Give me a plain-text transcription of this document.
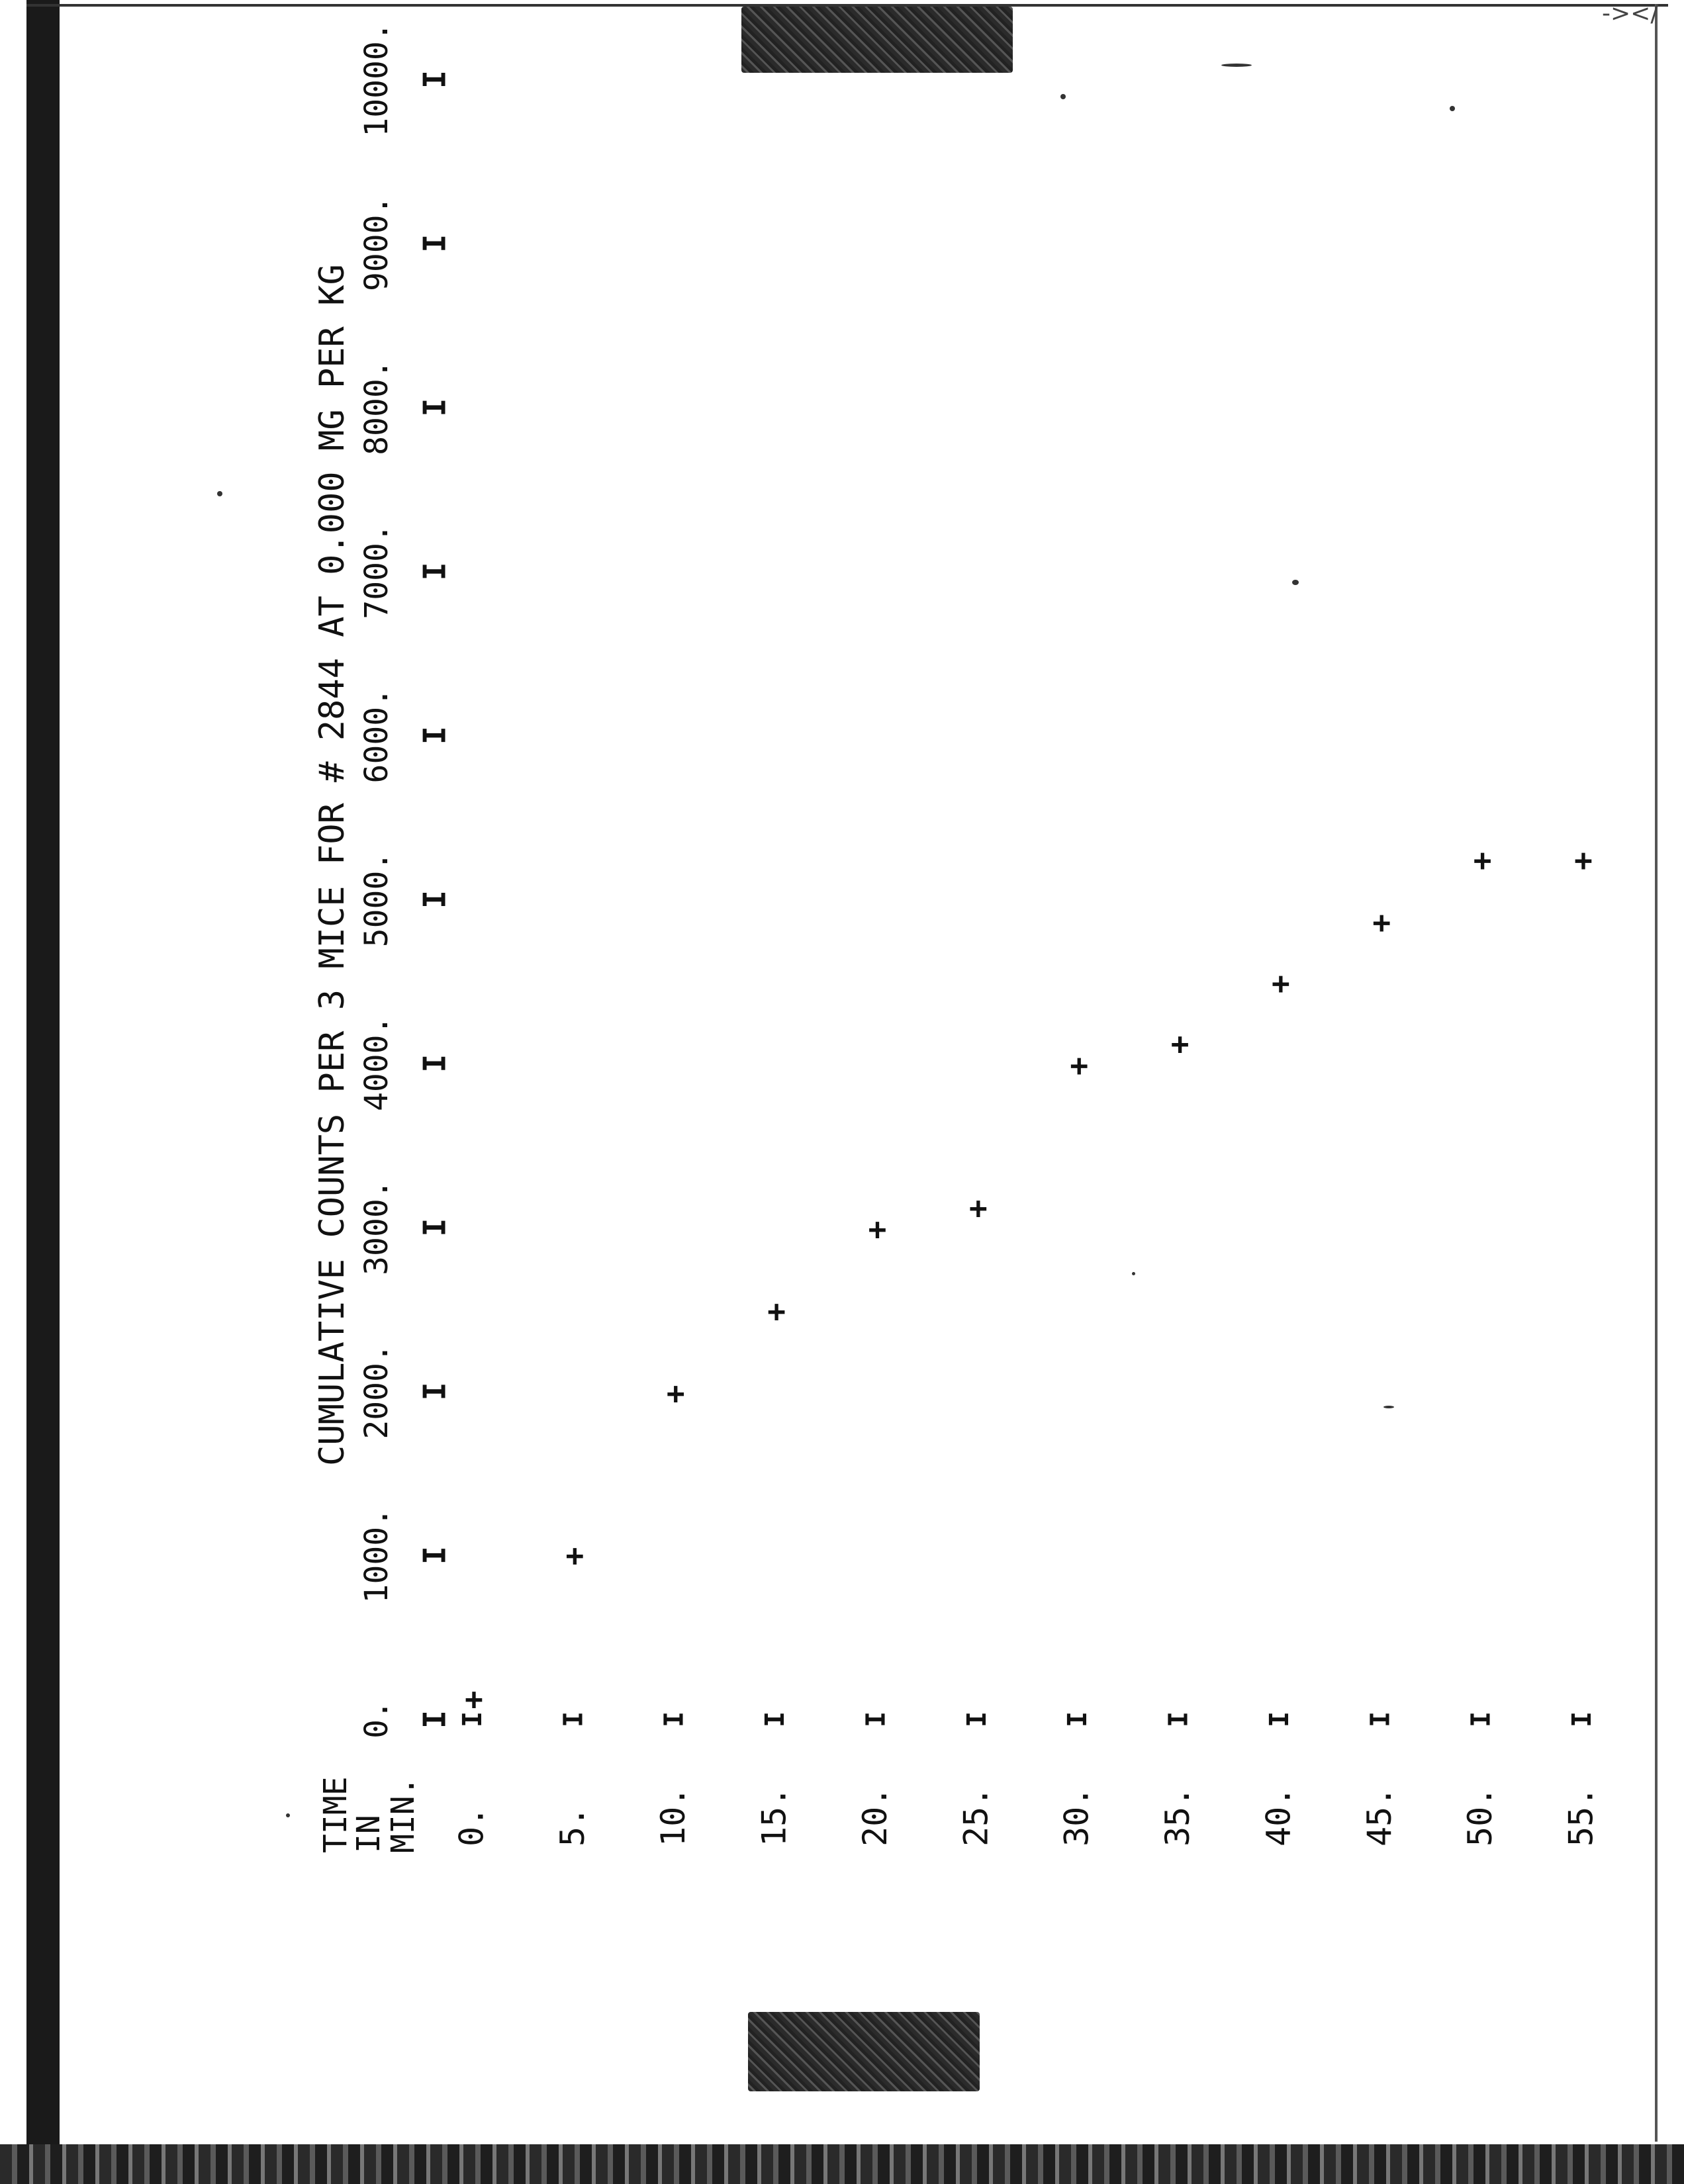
-></
CUMULATIVE COUNTS PER 3 MICE FOR # 2844 AT 0.000 MG PER KG
TIME
IN
MIN.
0. I
1000. I
2000. I
3000. I
4000. I
5000. I
6000. I
7000. I
8000. I
9000. I
10000. I
0.
I
5.
I
10.
I
15.
I
20.
I
25.
I
30.
I
35.
I
40.
I
45.
I
50.
I
55.
I
+
+
+
+
+
+
+
+
+
+
+	+
